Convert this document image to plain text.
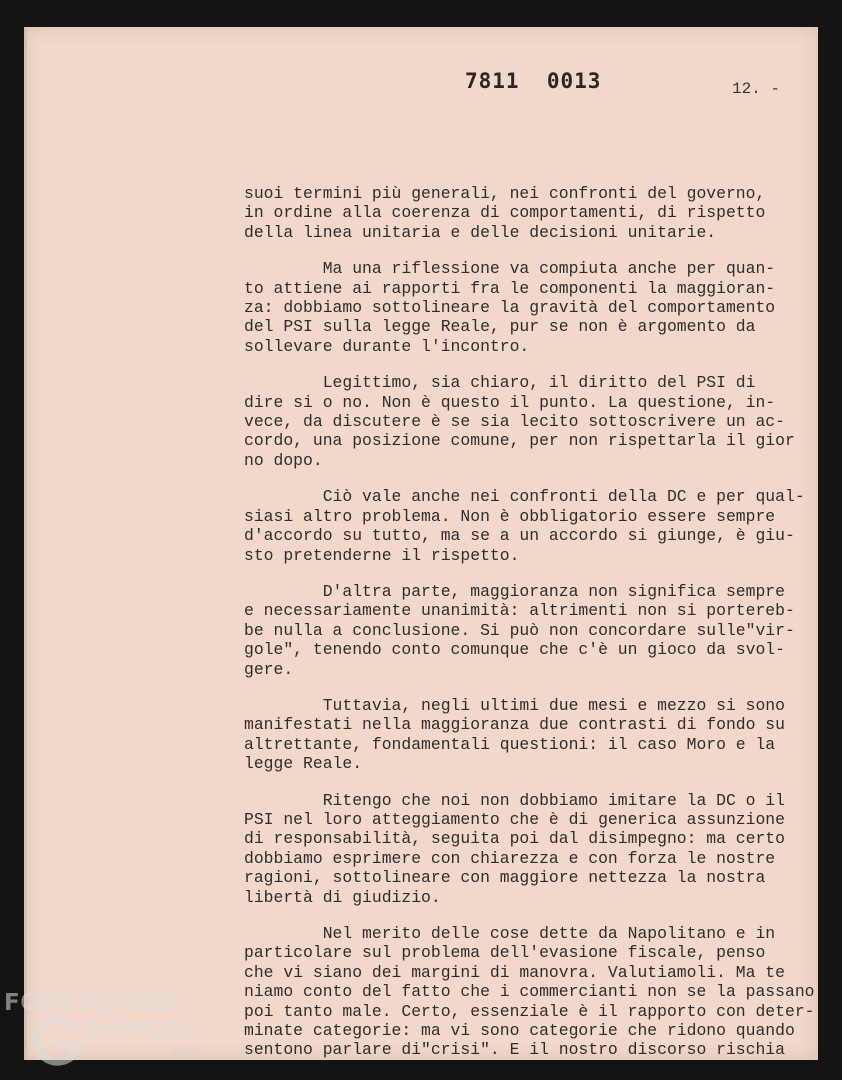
7811  0013	12. -

suoi termini più generali, nei confronti del governo,
in ordine alla coerenza di comportamenti, di rispetto
della linea unitaria e delle decisioni unitarie.

Ma una riflessione va compiuta anche per quan-
to attiene ai rapporti fra le componenti la maggioran-
za: dobbiamo sottolineare la gravità del comportamento
del PSI sulla legge Reale, pur se non è argomento da
sollevare durante l'incontro.

Legittimo, sia chiaro, il diritto del PSI di
dire si o no. Non è questo il punto. La questione, in-
vece, da discutere è se sia lecito sottoscrivere un ac-
cordo, una posizione comune, per non rispettarla il gior
no dopo.

Ciò vale anche nei confronti della DC e per qual-
siasi altro problema. Non è obbligatorio essere sempre
d'accordo su tutto, ma se a un accordo si giunge, è giu-
sto pretenderne il rispetto.

D'altra parte, maggioranza non significa sempre
e necessariamente unanimità: altrimenti non si portereb-
be nulla a conclusione. Si può non concordare sulle"vir-
gole", tenendo conto comunque che c'è un gioco da svol-
gere.

Tuttavia, negli ultimi due mesi e mezzo si sono
manifestati nella maggioranza due contrasti di fondo su
altrettante, fondamentali questioni: il caso Moro e la
legge Reale.

Ritengo che noi non dobbiamo imitare la DC o il
PSI nel loro atteggiamento che è di generica assunzione
di responsabilità, seguita poi dal disimpegno: ma certo
dobbiamo esprimere con chiarezza e con forza le nostre
ragioni, sottolineare con maggiore nettezza la nostra
libertà di giudizio.

Nel merito delle cose dette da Napolitano e in
particolare sul problema dell'evasione fiscale, penso
che vi siano dei margini di manovra. Valutiamoli. Ma te
niamo conto del fatto che i commercianti non se la passano
poi tanto male. Certo, essenziale è il rapporto con deter-
minate categorie: ma vi sono categorie che ridono quando
sentono parlare di"crisi". E il nostro discorso rischia

FONDAZIONE
RAMSCI
onlus
